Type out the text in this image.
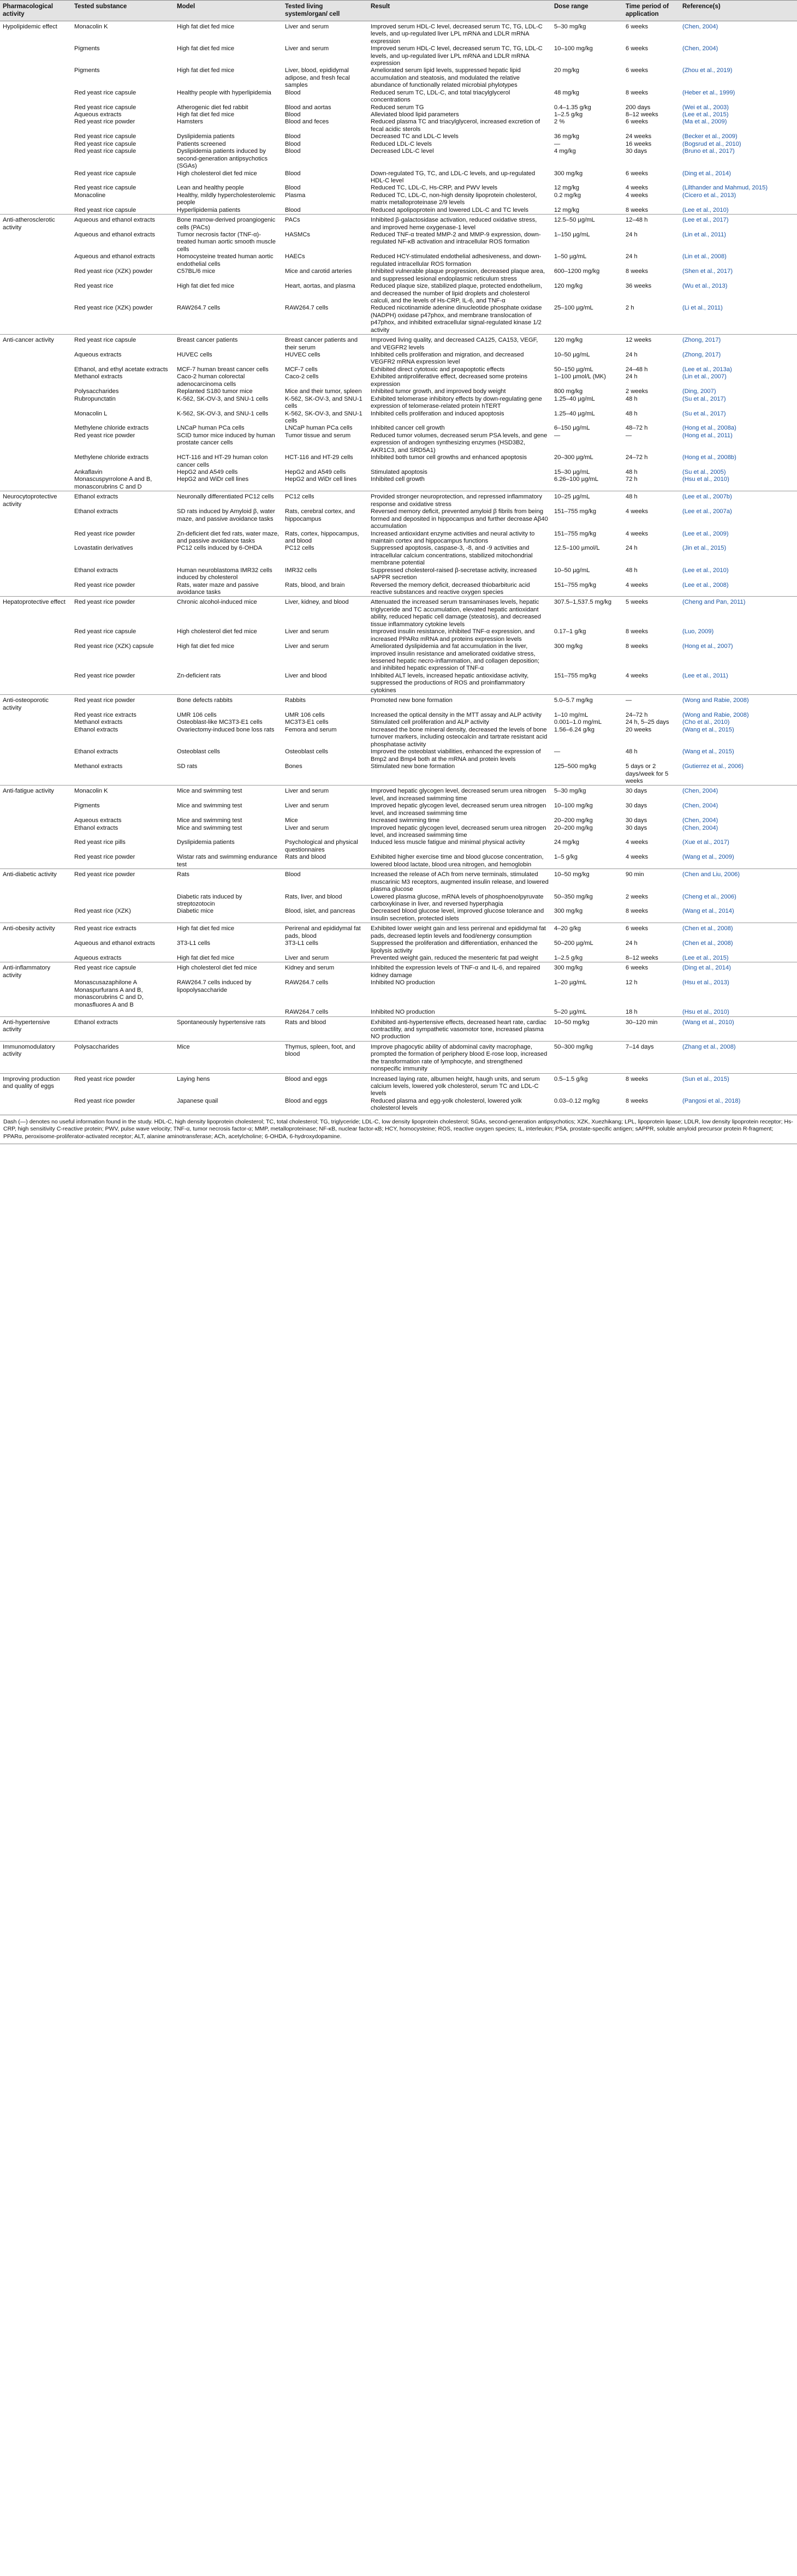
Pharmacological activity	Tested substance	Model	Tested living system/organ/ cell	Result	Dose range	Time period of application	Reference(s)
Hypolipidemic effect	Monacolin K	High fat diet fed mice	Liver and serum	Improved serum HDL-C level, decreased serum TC, TG, LDL-C levels, and up-regulated liver LPL mRNA and LDLR mRNA expression	5–30 mg/kg	6 weeks	(Chen, 2004)
	Pigments	High fat diet fed mice	Liver and serum	Improved serum HDL-C level, decreased serum TC, TG, LDL-C levels, and up-regulated liver LPL mRNA and LDLR mRNA expression	10–100 mg/kg	6 weeks	(Chen, 2004)
	Pigments	High fat diet fed mice	Liver, blood, epididymal adipose, and fresh fecal samples	Ameliorated serum lipid levels, suppressed hepatic lipid accumulation and steatosis, and modulated the relative abundance of functionally related microbial phylotypes	20 mg/kg	6 weeks	(Zhou et al., 2019)
	Red yeast rice capsule	Healthy people with hyperlipidemia	Blood	Reduced serum TC, LDL-C, and total triacylglycerol concentrations	48 mg/kg	8 weeks	(Heber et al., 1999)
	Red yeast rice capsule	Atherogenic diet fed rabbit	Blood and aortas	Reduced serum TG	0.4–1.35 g/kg	200 days	(Wei et al., 2003)
	Aqueous extracts	High fat diet fed mice	Blood	Alleviated blood lipid parameters	1–2.5 g/kg	8–12 weeks	(Lee et al., 2015)
	Red yeast rice powder	Hamsters	Blood and feces	Reduced plasma TC and triacylglycerol, increased excretion of fecal acidic sterols	2 %	6 weeks	(Ma et al., 2009)
	Red yeast rice capsule	Dyslipidemia patients	Blood	Decreased TC and LDL-C levels	36 mg/kg	24 weeks	(Becker et al., 2009)
	Red yeast rice capsule	Patients screened	Blood	Reduced LDL-C levels	—	16 weeks	(Bogsrud et al., 2010)
	Red yeast rice capsule	Dyslipidemia patients induced by second-generation antipsychotics (SGAs)	Blood	Decreased LDL-C level	4 mg/kg	30 days	(Bruno et al., 2017)
	Red yeast rice capsule	High cholesterol diet fed mice	Blood	Down-regulated TG, TC, and LDL-C levels, and up-regulated HDL-C level	300 mg/kg	6 weeks	(Ding et al., 2014)
	Red yeast rice capsule	Lean and healthy people	Blood	Reduced TC, LDL-C, Hs-CRP, and PWV levels	12 mg/kg	4 weeks	(Lilthander and Mahmud, 2015)
	Monacoline	Healthy, mildly hypercholesterolemic people	Plasma	Reduced TC, LDL-C, non-high density lipoprotein cholesterol, matrix metalloproteinase 2/9 levels	0.2 mg/kg	4 weeks	(Cicero et al., 2013)
	Red yeast rice capsule	Hyperlipidemia patients	Blood	Reduced apolipoprotein and lowered LDL-C and TC levels	12 mg/kg	8 weeks	(Lee et al., 2010)
Anti-atherosclerotic activity	Aqueous and ethanol extracts	Bone marrow-derived proangiogenic cells (PACs)	PACs	Inhibited β-galactosidase activation, reduced oxidative stress, and improved heme oxygenase-1 level	12.5–50 µg/mL	12–48 h	(Lee et al., 2017)
	Aqueous and ethanol extracts	Tumor necrosis factor (TNF-α)-treated human aortic smooth muscle cells	HASMCs	Reduced TNF-α treated MMP-2 and MMP-9 expression, down-regulated NF-κB activation and intracellular ROS formation	1–150 µg/mL	24 h	(Lin et al., 2011)
	Aqueous and ethanol extracts	Homocysteine treated human aortic endothelial cells	HAECs	Reduced HCY-stimulated endothelial adhesiveness, and down-regulated intracellular ROS formation	1–50 µg/mL	24 h	(Lin et al., 2008)
	Red yeast rice (XZK) powder	C57BL/6 mice	Mice and carotid arteries	Inhibited vulnerable plaque progression, decreased plaque area, and suppressed lesional endoplasmic reticulum stress	600–1200 mg/kg	8 weeks	(Shen et al., 2017)
	Red yeast rice	High fat diet fed mice	Heart, aortas, and plasma	Reduced plaque size, stabilized plaque, protected endothelium, and decreased the number of lipid droplets and cholesterol calculi, and the levels of Hs-CRP, IL-6, and TNF-α	120 mg/kg	36 weeks	(Wu et al., 2013)
	Red yeast rice (XZK) powder	RAW264.7 cells	RAW264.7 cells	Reduced nicotinamide adenine dinucleotide phosphate oxidase (NADPH) oxidase p47phox, and membrane translocation of p47phox, and inhibited extracellular signal-regulated kinase 1/2 activity	25–100 µg/mL	2 h	(Li et al., 2011)
Anti-cancer activity	Red yeast rice capsule	Breast cancer patients	Breast cancer patients and their serum	Improved living quality, and decreased CA125, CA153, VEGF, and VEGFR2 levels	120 mg/kg	12 weeks	(Zhong, 2017)
	Aqueous extracts	HUVEC cells	HUVEC cells	Inhibited cells proliferation and migration, and decreased VEGFR2 mRNA expression level	10–50 µg/mL	24 h	(Zhong, 2017)
	Ethanol, and ethyl acetate extracts	MCF-7 human breast cancer cells	MCF-7 cells	Exhibited direct cytotoxic and proapoptotic effects	50–150 µg/mL	24–48 h	(Lee et al., 2013a)
	Methanol extracts	Caco-2 human colorectal adenocarcinoma cells	Caco-2 cells	Exhibited antiproliferative effect, decreased some proteins expression	1–100 µmol/L (MK)	24 h	(Lin et al., 2007)
	Polysaccharides	Replanted S180 tumor mice	Mice and their tumor, spleen	Inhibited tumor growth, and improved body weight	800 mg/kg	2 weeks	(Ding, 2007)
	Rubropunctatin	K-562, SK-OV-3, and SNU-1 cells	K-562, SK-OV-3, and SNU-1 cells	Exhibited telomerase inhibitory effects by down-regulating gene expression of telomerase-related protein hTERT	1.25–40 µg/mL	48 h	(Su et al., 2017)
	Monacolin L	K-562, SK-OV-3, and SNU-1 cells	K-562, SK-OV-3, and SNU-1 cells	Inhibited cells proliferation and induced apoptosis	1.25–40 µg/mL	48 h	(Su et al., 2017)
	Methylene chloride extracts	LNCaP human PCa cells	LNCaP human PCa cells	Inhibited cancer cell growth	6–150 µg/mL	48–72 h	(Hong et al., 2008a)
	Red yeast rice powder	SCID tumor mice induced by human prostate cancer cells	Tumor tissue and serum	Reduced tumor volumes, decreased serum PSA levels, and gene expression of androgen synthesizing enzymes (HSD3B2, AKR1C3, and SRD5A1)	—	—	(Hong et al., 2011)
	Methylene chloride extracts	HCT-116 and HT-29 human colon cancer cells	HCT-116 and HT-29 cells	Inhibited both tumor cell growths and enhanced apoptosis	20–300 µg/mL	24–72 h	(Hong et al., 2008b)
	Ankaflavin	HepG2 and A549 cells	HepG2 and A549 cells	Stimulated apoptosis	15–30 µg/mL	48 h	(Su et al., 2005)
	Monascuspyrrolone A and B, monascorubrins C and D	HepG2 and WiDr cell lines	HepG2 and WiDr cell lines	Inhibited cell growth	6.26–100 µg/mL	72 h	(Hsu et al., 2010)
Neurocytoprotective activity	Ethanol extracts	Neuronally differentiated PC12 cells	PC12 cells	Provided stronger neuroprotection, and repressed inflammatory response and oxidative stress	10–25 µg/mL	48 h	(Lee et al., 2007b)
	Ethanol extracts	SD rats induced by Amyloid β, water maze, and passive avoidance tasks	Rats, cerebral cortex, and hippocampus	Reversed memory deficit, prevented amyloid β fibrils from being formed and deposited in hippocampus and further decrease Aβ40 accumulation	151–755 mg/kg	4 weeks	(Lee et al., 2007a)
	Red yeast rice powder	Zn-deficient diet fed rats, water maze, and passive avoidance tasks	Rats, cortex, hippocampus, and blood	Increased antioxidant enzyme activities and neural activity to maintain cortex and hippocampus functions	151–755 mg/kg	4 weeks	(Lee et al., 2009)
	Lovastatin derivatives	PC12 cells induced by 6-OHDA	PC12 cells	Suppressed apoptosis, caspase-3, -8, and -9 activities and intracellular calcium concentrations, stabilized mitochondrial membrane potential	12.5–100 µmol/L	24 h	(Jin et al., 2015)
	Ethanol extracts	Human neuroblastoma IMR32 cells induced by cholesterol	IMR32 cells	Suppressed cholesterol-raised β-secretase activity, increased sAPPR secretion	10–50 µg/mL	48 h	(Lee et al., 2010)
	Red yeast rice powder	Rats, water maze and passive avoidance tasks	Rats, blood, and brain	Reversed the memory deficit, decreased thiobarbituric acid reactive substances and reactive oxygen species	151–755 mg/kg	4 weeks	(Lee et al., 2008)
Hepatoprotective effect	Red yeast rice powder	Chronic alcohol-induced mice	Liver, kidney, and blood	Attenuated the increased serum transaminases levels, hepatic triglyceride and TC accumulation, elevated hepatic antioxidant ability, reduced hepatic cell damage (steatosis), and decreased tissue inflammatory cytokine levels	307.5–1,537.5 mg/kg	5 weeks	(Cheng and Pan, 2011)
	Red yeast rice capsule	High cholesterol diet fed mice	Liver and serum	Improved insulin resistance, inhibited TNF-α expression, and increased PPARα mRNA and proteins expression levels	0.17–1 g/kg	8 weeks	(Luo, 2009)
	Red yeast rice (XZK) capsule	High fat diet fed mice	Liver and serum	Ameliorated dyslipidemia and fat accumulation in the liver, improved insulin resistance and ameliorated oxidative stress, lessened hepatic necro-inflammation, and collagen deposition; and inhibited hepatic expression of TNF-α	300 mg/kg	8 weeks	(Hong et al., 2007)
	Red yeast rice powder	Zn-deficient rats	Liver and blood	Inhibited ALT levels, increased hepatic antioxidase activity, suppressed the productions of ROS and proinflammatory cytokines	151–755 mg/kg	4 weeks	(Lee et al., 2011)
Anti-osteoporotic activity	Red yeast rice powder	Bone defects rabbits	Rabbits	Promoted new bone formation	5.0–5.7 mg/kg	—	(Wong and Rabie, 2008)
	Red yeast rice extracts	UMR 106 cells	UMR 106 cells	Increased the optical density in the MTT assay and ALP activity	1–10 mg/mL	24–72 h	(Wong and Rabie, 2008)
	Methanol extracts	Osteoblast-like MC3T3-E1 cells	MC3T3-E1 cells	Stimulated cell proliferation and ALP activity	0.001–1.0 mg/mL	24 h, 5–25 days	(Cho et al., 2010)
	Ethanol extracts	Ovariectomy-induced bone loss rats	Femora and serum	Increased the bone mineral density, decreased the levels of bone turnover markers, including osteocalcin and tartrate resistant acid phosphatase activity	1.56–6.24 g/kg	20 weeks	(Wang et al., 2015)
	Ethanol extracts	Osteoblast cells	Osteoblast cells	Improved the osteoblast viabilities, enhanced the expression of Bmp2 and Bmp4 both at the mRNA and protein levels	—	48 h	(Wang et al., 2015)
	Methanol extracts	SD rats	Bones	Stimulated new bone formation	125–500 mg/kg	5 days or 2 days/week for 5 weeks	(Gutierrez et al., 2006)
Anti-fatigue activity	Monacolin K	Mice and swimming test	Liver and serum	Improved hepatic glycogen level, decreased serum urea nitrogen level, and increased swimming time	5–30 mg/kg	30 days	(Chen, 2004)
	Pigments	Mice and swimming test	Liver and serum	Improved hepatic glycogen level, decreased serum urea nitrogen level, and increased swimming time	10–100 mg/kg	30 days	(Chen, 2004)
	Aqueous extracts	Mice and swimming test	Mice	Increased swimming time	20–200 mg/kg	30 days	(Chen, 2004)
	Ethanol extracts	Mice and swimming test	Liver and serum	Improved hepatic glycogen level, decreased serum urea nitrogen level, and increased swimming time	20–200 mg/kg	30 days	(Chen, 2004)
	Red yeast rice pills	Dyslipidemia patients	Psychological and physical questionnaires	Induced less muscle fatigue and minimal physical activity	24 mg/kg	4 weeks	(Xue et al., 2017)
	Red yeast rice powder	Wistar rats and swimming endurance test	Rats and blood	Exhibited higher exercise time and blood glucose concentration, lowered blood lactate, blood urea nitrogen, and hemoglobin	1–5 g/kg	4 weeks	(Wang et al., 2009)
Anti-diabetic activity	Red yeast rice powder	Rats	Blood	Increased the release of ACh from nerve terminals, stimulated muscarinic M3 receptors, augmented insulin release, and lowered plasma glucose	10–50 mg/kg	90 min	(Chen and Liu, 2006)
		Diabetic rats induced by streptozotocin	Rats, liver, and blood	Lowered plasma glucose, mRNA levels of phosphoenolpyruvate carboxykinase in liver, and reversed hyperphagia	50–350 mg/kg	2 weeks	(Cheng et al., 2006)
	Red yeast rice (XZK)	Diabetic mice	Blood, islet, and pancreas	Decreased blood glucose level, improved glucose tolerance and insulin secretion, protected islets	300 mg/kg	8 weeks	(Wang et al., 2014)
Anti-obesity activity	Red yeast rice extracts	High fat diet fed mice	Perirenal and epididymal fat pads, blood	Exhibited lower weight gain and less perirenal and epididymal fat pads, decreased leptin levels and food/energy consumption	4–20 g/kg	6 weeks	(Chen et al., 2008)
	Aqueous and ethanol extracts	3T3-L1 cells	3T3-L1 cells	Suppressed the proliferation and differentiation, enhanced the lipolysis activity	50–200 µg/mL	24 h	(Chen et al., 2008)
	Aqueous extracts	High fat diet fed mice	Liver and serum	Prevented weight gain, reduced the mesenteric fat pad weight	1–2.5 g/kg	8–12 weeks	(Lee et al., 2015)
Anti-inflammatory activity	Red yeast rice capsule	High cholesterol diet fed mice	Kidney and serum	Inhibited the expression levels of TNF-α and IL-6, and repaired kidney damage	300 mg/kg	6 weeks	(Ding et al., 2014)
	Monascusazaphilone A Monaspurfurans A and B, monascorubrins C and D, monasfluores A and B	RAW264.7 cells induced by lipopolysaccharide	RAW264.7 cells	Inhibited NO production	1–20 µg/mL	12 h	(Hsu et al., 2013)
			RAW264.7 cells	Inhibited NO production	5–20 µg/mL	18 h	(Hsu et al., 2010)
Anti-hypertensive activity	Ethanol extracts	Spontaneously hypertensive rats	Rats and blood	Exhibited anti-hypertensive effects, decreased heart rate, cardiac contractility, and sympathetic vasomotor tone, increased plasma NO production	10–50 mg/kg	30–120 min	(Wang et al., 2010)
Immunomodulatory activity	Polysaccharides	Mice	Thymus, spleen, foot, and blood	Improve phagocytic ability of abdominal cavity macrophage, prompted the formation of periphery blood E-rose loop, increased the transformation rate of lymphocyte, and strengthened nonspecific immunity	50–300 mg/kg	7–14 days	(Zhang et al., 2008)
Improving production and quality of eggs	Red yeast rice powder	Laying hens	Blood and eggs	Increased laying rate, albumen height, haugh units, and serum calcium levels, lowered yolk cholesterol, serum TC and LDL-C levels	0.5–1.5 g/kg	8 weeks	(Sun et al., 2015)
	Red yeast rice powder	Japanese quail	Blood and eggs	Reduced plasma and egg-yolk cholesterol, lowered yolk cholesterol levels	0.03–0.12 mg/kg	8 weeks	(Pangosi et al., 2018)
Dash (—) denotes no useful information found in the study. HDL-C, high density lipoprotein cholesterol; TC, total cholesterol; TG, triglyceride; LDL-C, low density lipoprotein cholesterol; SGAs, second-generation antipsychotics; XZK, Xuezhikang; LPL, lipoprotein lipase; LDLR, low density lipoprotein receptor; Hs-CRP, high sensitivity C-reactive protein; PWV, pulse wave velocity; TNF-α, tumor necrosis factor-α; MMP, metalloproteinase; NF-κB, nuclear factor-κB; HCY, homocysteine; ROS, reactive oxygen species; IL, interleukin; PSA, prostate-specific antigen; sAPPR, soluble amyloid precursor protein R-fragment; PPARα, peroxisome-proliferator-activated receptor; ALT, alanine aminotransferase; ACh, acetylcholine; 6-OHDA, 6-hydroxydopamine.
